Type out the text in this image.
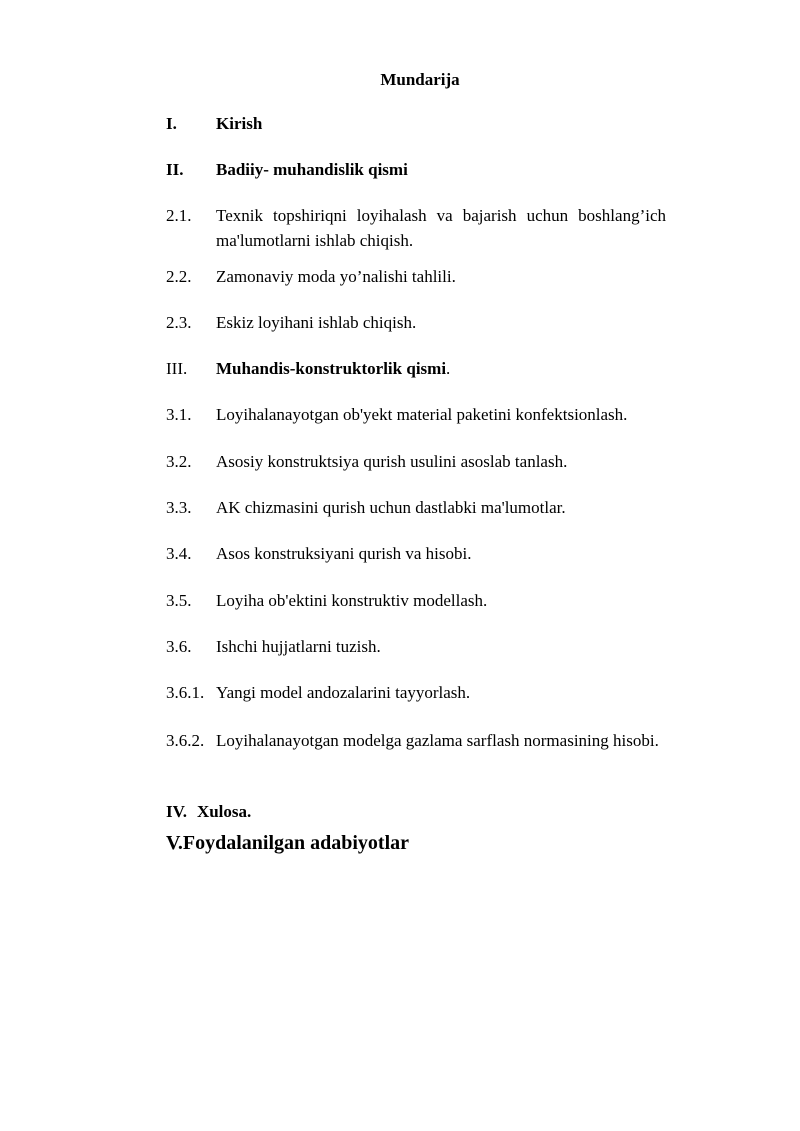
Mundarija
I. Kirish
II. Badiiy- muhandislik qismi
2.1. Texnik topshiriqni loyihalash va bajarish uchun boshlang’ich ma'lumotlarni ishlab chiqish.
2.2. Zamonaviy moda yo’nalishi tahlili.
2.3. Eskiz loyihani ishlab chiqish.
III. Muhandis-konstruktorlik qismi.
3.1. Loyihalanayotgan ob'yekt material paketini konfektsionlash.
3.2. Asosiy konstruktsiya qurish usulini asoslab tanlash.
3.3. AK chizmasini qurish uchun dastlabki ma'lumotlar.
3.4. Asos konstruksiyani qurish va hisobi.
3.5. Loyiha ob'ektini konstruktiv modellash.
3.6. Ishchi hujjatlarni tuzish.
3.6.1. Yangi model andozalarini tayyorlash.
3.6.2. Loyihalanayotgan modelga gazlama sarflash normasining hisobi.
IV. Xulosa.
V.Foydalanilgan adabiyotlar
